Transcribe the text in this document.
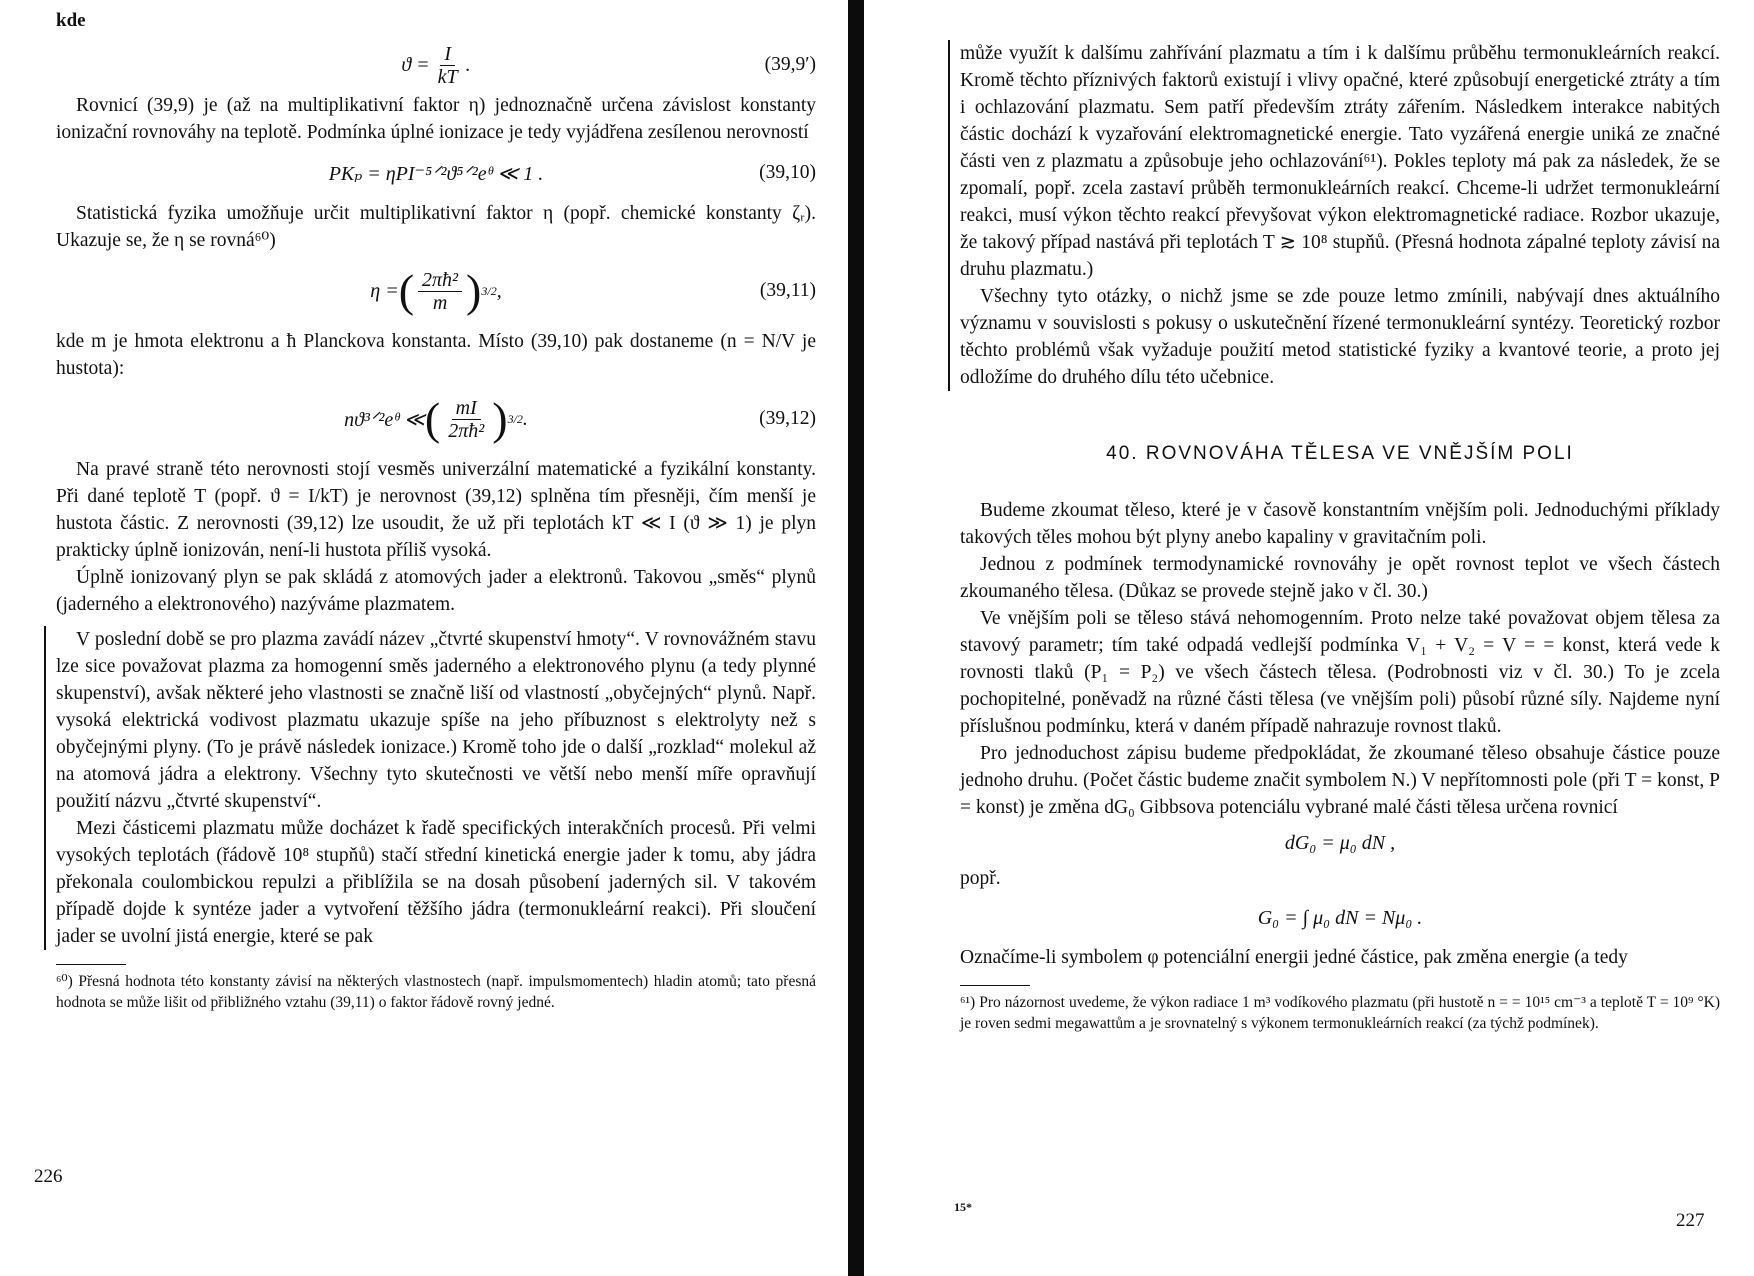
kde
$ϑ = \frac{I}{kT}$ .	(39,9′)

Rovnicí (39,9) je (až na multiplikativní faktor η) jednoznačně určena závislost konstanty ionizační rovnováhy na teplotě. Podmínka úplné ionizace je tedy vyjádřena zesílenou nerovností

PKₚ = ηPI⁻⁵ᐟ²ϑ⁵ᐟ²eᶿ ≪ 1 .	(39,10)

Statistická fyzika umožňuje určit multiplikativní faktor η (popř. chemické konstanty ζᵣ). Ukazuje se, že η se rovná⁶⁰)

η = ( $\frac{\text{2πħ²}}{m}$ ) 3/2 ,	(39,11)

kde m je hmota elektronu a ħ Planckova konstanta. Místo (39,10) pak dostaneme (n = N/V je hustota):

nϑ³ᐟ²eᶿ ≪ ( $\frac{mI}{\text{2πħ²}}$ ) 3/2 .	(39,12)

Na pravé straně této nerovnosti stojí vesměs univerzální matematické a fyzikální konstanty. Při dané teplotě T (popř. ϑ = I/kT) je nerovnost (39,12) splněna tím přesněji, čím menší je hustota částic. Z nerovnosti (39,12) lze usoudit, že už při teplotách kT ≪ I (ϑ ≫ 1) je plyn prakticky úplně ionizován, není-li hustota příliš vysoká.

Úplně ionizovaný plyn se pak skládá z atomových jader a elektronů. Takovou „směs“ plynů (jaderného a elektronového) nazýváme plazmatem.

V poslední době se pro plazma zavádí název „čtvrté skupenství hmoty“. V rovnovážném stavu lze sice považovat plazma za homogenní směs jaderného a elektronového plynu (a tedy plynné skupenství), avšak některé jeho vlastnosti se značně liší od vlastností „obyčejných“ plynů. Např. vysoká elektrická vodivost plazmatu ukazuje spíše na jeho příbuznost s elektrolyty než s obyčejnými plyny. (To je právě následek ionizace.) Kromě toho jde o další „rozklad“ molekul až na atomová jádra a elektrony. Všechny tyto skutečnosti ve větší nebo menší míře opravňují použití názvu „čtvrté skupenství“.

Mezi částicemi plazmatu může docházet k řadě specifických interakčních procesů. Při velmi vysokých teplotách (řádově 10⁸ stupňů) stačí střední kinetická energie jader k tomu, aby jádra překonala coulombickou repulzi a přiblížila se na dosah působení jaderných sil. V takovém případě dojde k syntéze jader a vytvoření těžšího jádra (termonukleární reakci). Při sloučení jader se uvolní jistá energie, které se pak

⁶⁰) Přesná hodnota této konstanty závisí na některých vlastnostech (např. impulsmomentech) hladin atomů; tato přesná hodnota se může lišit od přibližného vztahu (39,11) o faktor řádově rovný jedné.
226

může využít k dalšímu zahřívání plazmatu a tím i k dalšímu průběhu termonukleárních reakcí. Kromě těchto příznivých faktorů existují i vlivy opačné, které způsobují energetické ztráty a tím i ochlazování plazmatu. Sem patří především ztráty zářením. Následkem interakce nabitých částic dochází k vyzařování elektromagnetické energie. Tato vyzářená energie uniká ze značné části ven z plazmatu a způsobuje jeho ochlazování⁶¹). Pokles teploty má pak za následek, že se zpomalí, popř. zcela zastaví průběh termonukleárních reakcí. Chceme-li udržet termonukleární reakci, musí výkon těchto reakcí převyšovat výkon elektromagnetické radiace. Rozbor ukazuje, že takový případ nastává při teplotách T ≳ 10⁸ stupňů. (Přesná hodnota zápalné teploty závisí na druhu plazmatu.)

Všechny tyto otázky, o nichž jsme se zde pouze letmo zmínili, nabývají dnes aktuálního významu v souvislosti s pokusy o uskutečnění řízené termonukleární syntézy. Teoretický rozbor těchto problémů však vyžaduje použití metod statistické fyziky a kvantové teorie, a proto jej odložíme do druhého dílu této učebnice.

40. ROVNOVÁHA TĚLESA VE VNĚJŠÍM POLI

Budeme zkoumat těleso, které je v časově konstantním vnějším poli. Jednoduchými příklady takových těles mohou být plyny anebo kapaliny v gravitačním poli.

Jednou z podmínek termodynamické rovnováhy je opět rovnost teplot ve všech částech zkoumaného tělesa. (Důkaz se provede stejně jako v čl. 30.)

Ve vnějším poli se těleso stává nehomogenním. Proto nelze také považovat objem tělesa za stavový parametr; tím také odpadá vedlejší podmínka V₁ + V₂ = V = = konst, která vede k rovnosti tlaků (P₁ = P₂) ve všech částech tělesa. (Podrobnosti viz v čl. 30.) To je zcela pochopitelné, poněvadž na různé části tělesa (ve vnějším poli) působí různé síly. Najdeme nyní příslušnou podmínku, která v daném případě nahrazuje rovnost tlaků.

Pro jednoduchost zápisu budeme předpokládat, že zkoumané těleso obsahuje částice pouze jednoho druhu. (Počet částic budeme značit symbolem N.) V nepřítomnosti pole (při T = konst, P = konst) je změna dG₀ Gibbsova potenciálu vybrané malé části tělesa určena rovnicí

dG₀ = μ₀ dN ,

popř.

G₀ = ∫ μ₀ dN = Nμ₀ .

Označíme-li symbolem φ potenciální energii jedné částice, pak změna energie (a tedy

⁶¹) Pro názornost uvedeme, že výkon radiace 1 m³ vodíkového plazmatu (při hustotě n = = 10¹⁵ cm⁻³ a teplotě T = 10⁹ °K) je roven sedmi megawattům a je srovnatelný s výkonem termonukleárních reakcí (za týchž podmínek).
15*
227
